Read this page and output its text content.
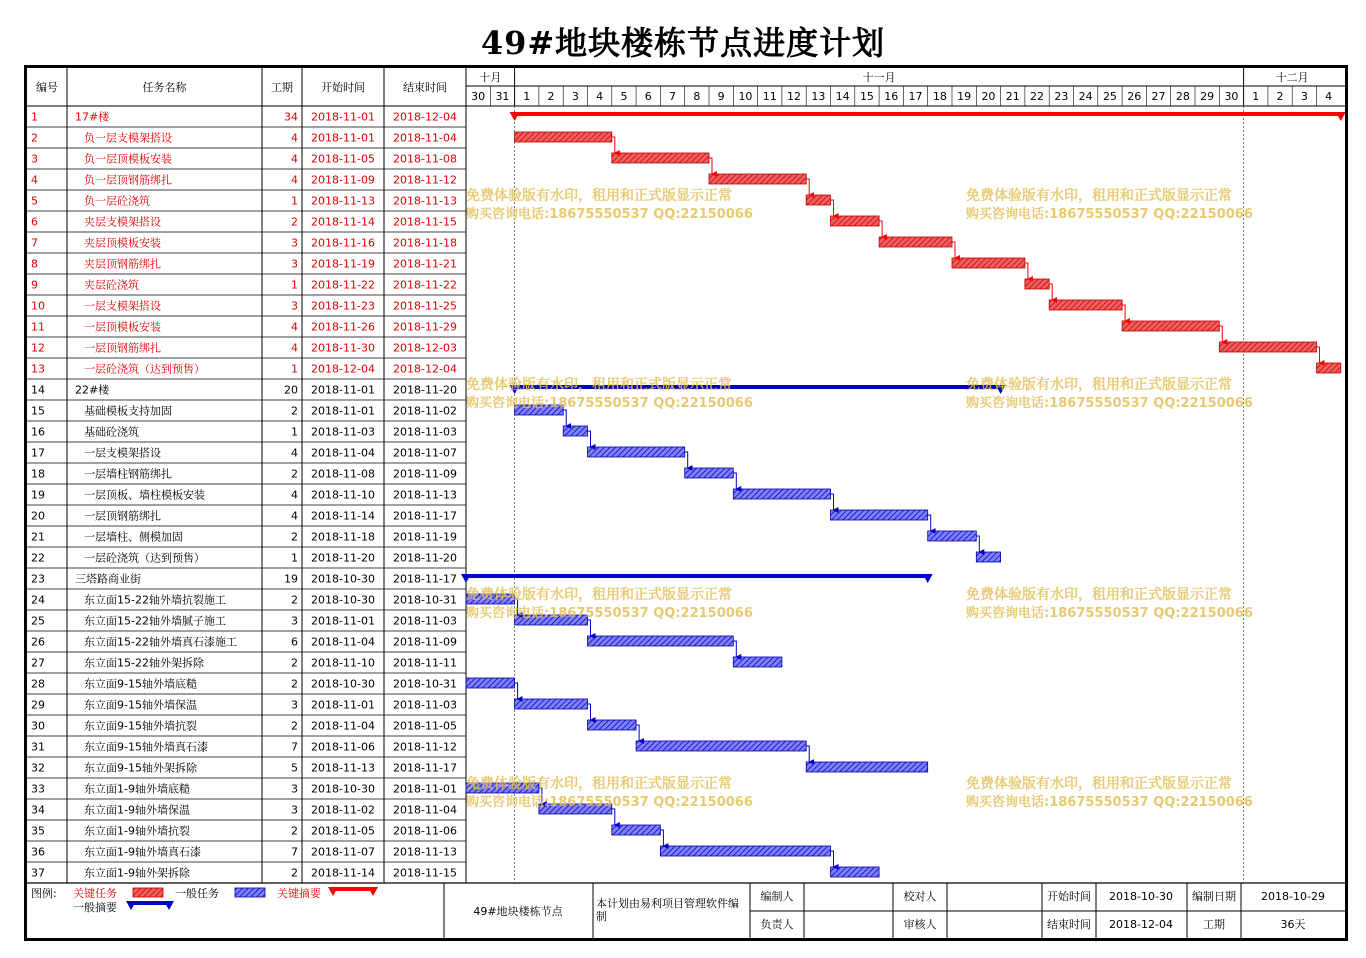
49#地块楼栋节点进度计划
编号	任务名称	工期	开始时间	结束时间
十月
30 31
十一月
1 2 3 4 5 6 7 8 9 10 11 12 13 14 15 16 17 18 19 20 21 22 23 24 25 26 27 28 29 30
十二月
1 2 3 4
1	17#楼	34 2018-11-01 2018-12-04
2	负一层支模架搭设	4 2018-11-01 2018-11-04
3	负一层顶模板安装	4 2018-11-05 2018-11-08
4	负一层顶钢筋绑扎	4 2018-11-09 2018-11-12
5	负一层砼浇筑	1 2018-11-13 2018-11-13
6	夹层支模架搭设	2 2018-11-14 2018-11-15
7	夹层顶模板安装	3 2018-11-16 2018-11-18
8	夹层顶钢筋绑扎	3 2018-11-19 2018-11-21
9	夹层砼浇筑	1 2018-11-22 2018-11-22
10	一层支模架搭设	3 2018-11-23 2018-11-25
11	一层顶模板安装	4 2018-11-26 2018-11-29
12	一层顶钢筋绑扎	4 2018-11-30 2018-12-03
13	一层砼浇筑（达到预售）	1 2018-12-04 2018-12-04
14	22#楼	20 2018-11-01 2018-11-20
15	基础模板支持加固	2 2018-11-01 2018-11-02
16	基础砼浇筑	1 2018-11-03 2018-11-03
17	一层支模架搭设	4 2018-11-04 2018-11-07
18	一层墙柱钢筋绑扎	2 2018-11-08 2018-11-09
19	一层顶板、墙柱模板安装	4 2018-11-10 2018-11-13
20	一层顶钢筋绑扎	4 2018-11-14 2018-11-17
21	一层墙柱、侧模加固	2 2018-11-18 2018-11-19
22	一层砼浇筑（达到预售）	1 2018-11-20 2018-11-20
23	三塔路商业街	19 2018-10-30 2018-11-17
24	东立面15-22轴外墙抗裂施工	2 2018-10-30 2018-10-31
25	东立面15-22轴外墙腻子施工	3 2018-11-01 2018-11-03
26	东立面15-22轴外墙真石漆施工	6 2018-11-04 2018-11-09
27	东立面15-22轴外架拆除	2 2018-11-10 2018-11-11
28	东立面9-15轴外墙底糙	2 2018-10-30 2018-10-31
29	东立面9-15轴外墙保温	3 2018-11-01 2018-11-03
30	东立面9-15轴外墙抗裂	2 2018-11-04 2018-11-05
31	东立面9-15轴外墙真石漆	7 2018-11-06 2018-11-12
32	东立面9-15轴外架拆除	5 2018-11-13 2018-11-17
33	东立面1-9轴外墙底糙	3 2018-10-30 2018-11-01
34	东立面1-9轴外墙保温	3 2018-11-02 2018-11-04
35	东立面1-9轴外墙抗裂	2 2018-11-05 2018-11-06
36	东立面1-9轴外墙真石漆	7 2018-11-07 2018-11-13
37	东立面1-9轴外架拆除	2 2018-11-14 2018-11-15
免费体验版有水印，租用和正式版显示正常
购买咨询电话:18675550537 QQ:22150066
免费体验版有水印，租用和正式版显示正常
购买咨询电话:18675550537 QQ:22150066
免费体验版有水印，租用和正式版显示正常
购买咨询电话:18675550537 QQ:22150066
免费体验版有水印，租用和正式版显示正常
购买咨询电话:18675550537 QQ:22150066
免费体验版有水印，租用和正式版显示正常
购买咨询电话:18675550537 QQ:22150066
免费体验版有水印，租用和正式版显示正常
购买咨询电话:18675550537 QQ:22150066
免费体验版有水印，租用和正式版显示正常
购买咨询电话:18675550537 QQ:22150066
免费体验版有水印，租用和正式版显示正常
购买咨询电话:18675550537 QQ:22150066
图例: 关键任务	一般任务	关键摘要
一般摘要	49#地块楼栋节点
本计划由易利项目管理软件编
制
编制人	校对人	开始时间 2018-10-30 编制日期 2018-10-29
负责人	审核人	结束时间 2018-12-04	工期	36天
